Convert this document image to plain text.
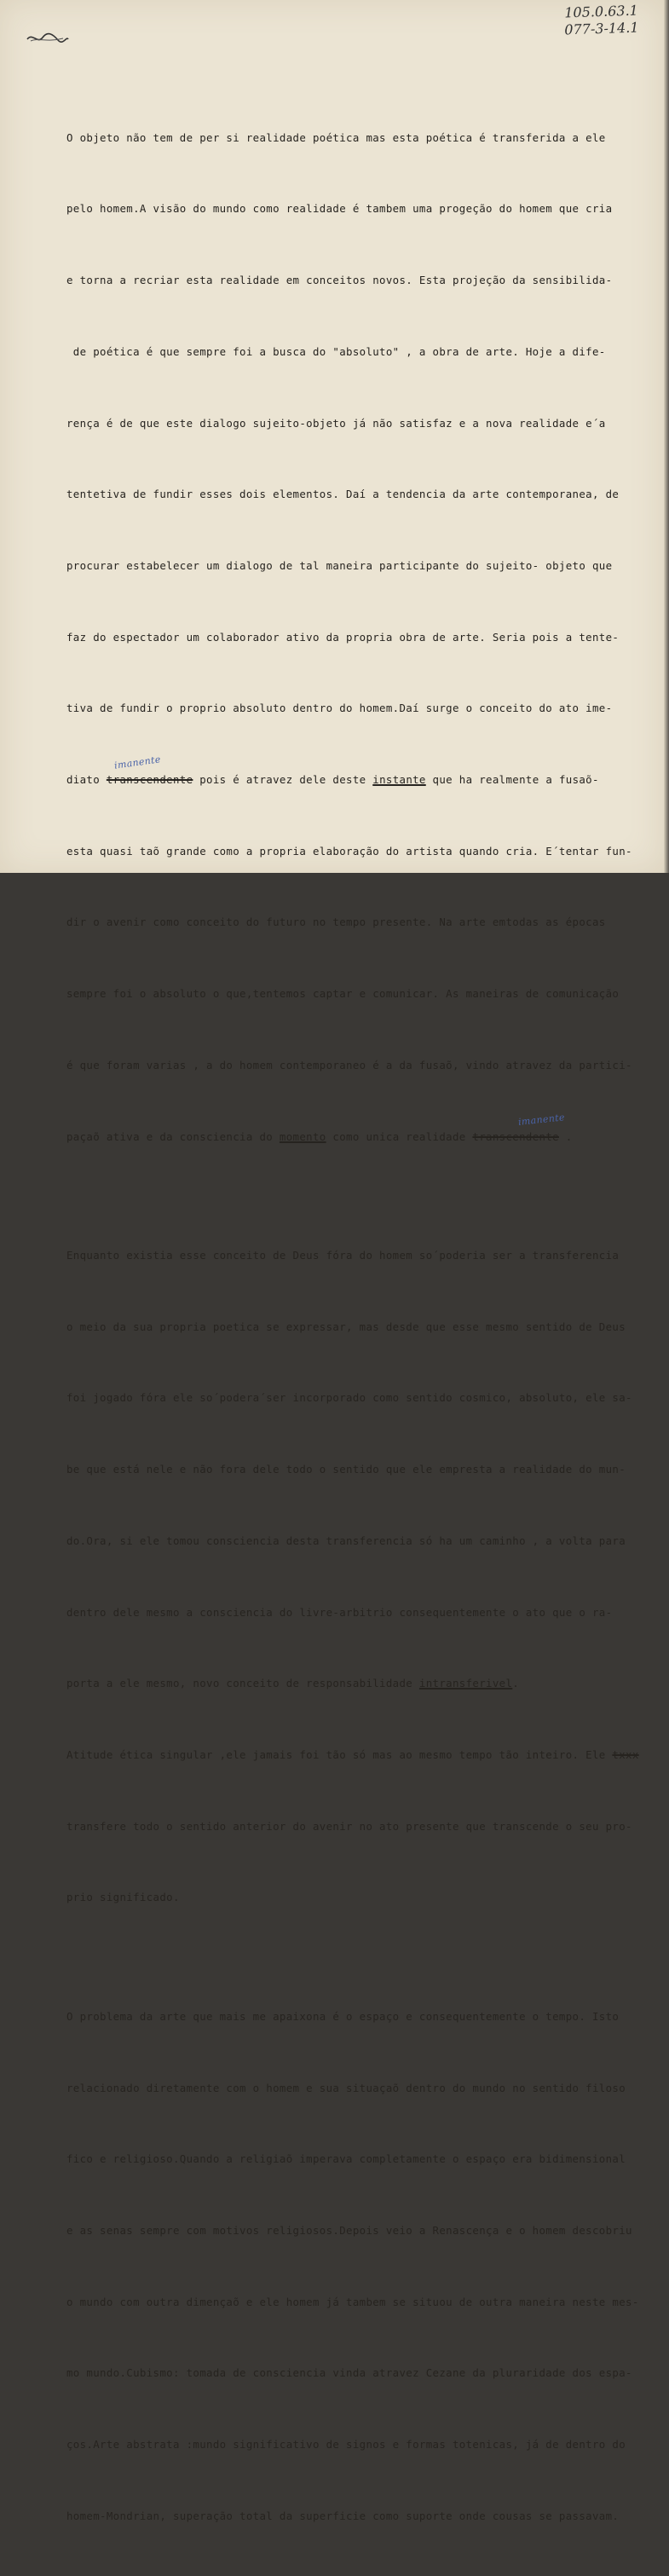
105.0.63.1
077-3-14.1

O objeto não tem de per si realidade poética mas esta poética é transferida a ele

pelo homem.A visão do mundo como realidade é tambem uma progeção do homem que cria

e torna a recriar esta realidade em conceitos novos. Esta projeção da sensibilida-

de poética é que sempre foi a busca do "absoluto" , a obra de arte. Hoje a dife-

rença é de que este dialogo sujeito-objeto já não satisfaz e a nova realidade e´a

tentetiva de fundir esses dois elementos. Daí a tendencia da arte contemporanea, de

procurar estabelecer um dialogo de tal maneira participante do sujeito- objeto que

faz do espectador um colaborador ativo da propria obra de arte. Seria pois a tente-

tiva de fundir o proprio absoluto dentro do homem.Daí surge o conceito do ato ime-

diato transcendente pois é atravez dele deste instante que ha realmente a fusaõ-
imanente

esta quasi taõ grande como a propria elaboração do artista quando cria. E´tentar fun-

dir o avenir como conceito do futuro no tempo presente. Na arte emtodas as épocas

sempre foi o absoluto o que,tentemos captar e comunicar. As maneiras de comunicação

é que foram varias , a do homem contemporaneo é a da fusaõ, vindo atravez da partici-

paçaõ ativa e da consciencia do momento como unica realidade transcendente .
imanente

Enquanto existia esse conceito de Deus fóra do homem so´poderia ser a transferencia

o meio da sua propria poetica se expressar, mas desde que esse mesmo sentido de Deus

foi jogado fóra ele so´podera´ser incorporado como sentido cosmico, absoluto, ele sa-

be que está nele e não fora dele todo o sentido que ele empresta a realidade do mun-

do.Ora, si ele tomou consciencia desta transferencia só ha um caminho , a volta para

dentro dele mesmo a consciencia do livre-arbitrio consequentemente o ato que o ra-

porta a ele mesmo, novo conceito de responsabilidade intransferivel.

Atitude ética singular ,ele jamais foi tão só mas ao mesmo tempo tão inteiro. Ele txxx

transfere todo o sentido anterior do avenir no ato presente que transcende o seu pro-

prio significado.

O problema da arte que mais me apaixona é o espaço e consequentemente o tempo. Isto

relacionado diretamente com o homem e sua situaçaõ dentro do mundo no sentido filoso

fico e religioso.Quando a religiaõ imperava completamente o espaço era bidimensional

e as senas sempre com motivos religiosos.Depois veio a Renascença e o homem descobriu

o mundo com outra dimençaõ e ele homem já tambem se situou de outra maneira neste mes-

mo mundo.Cubismo: tomada de consciencia vinda atravez Cezane da pluraridade dos espa-

ços.Arte abstrata :mundo significativo de signos e formas totenicas, já de dentro do

homem-Mondrian, superação total da superficie como suporte onde cousas se passavam.
